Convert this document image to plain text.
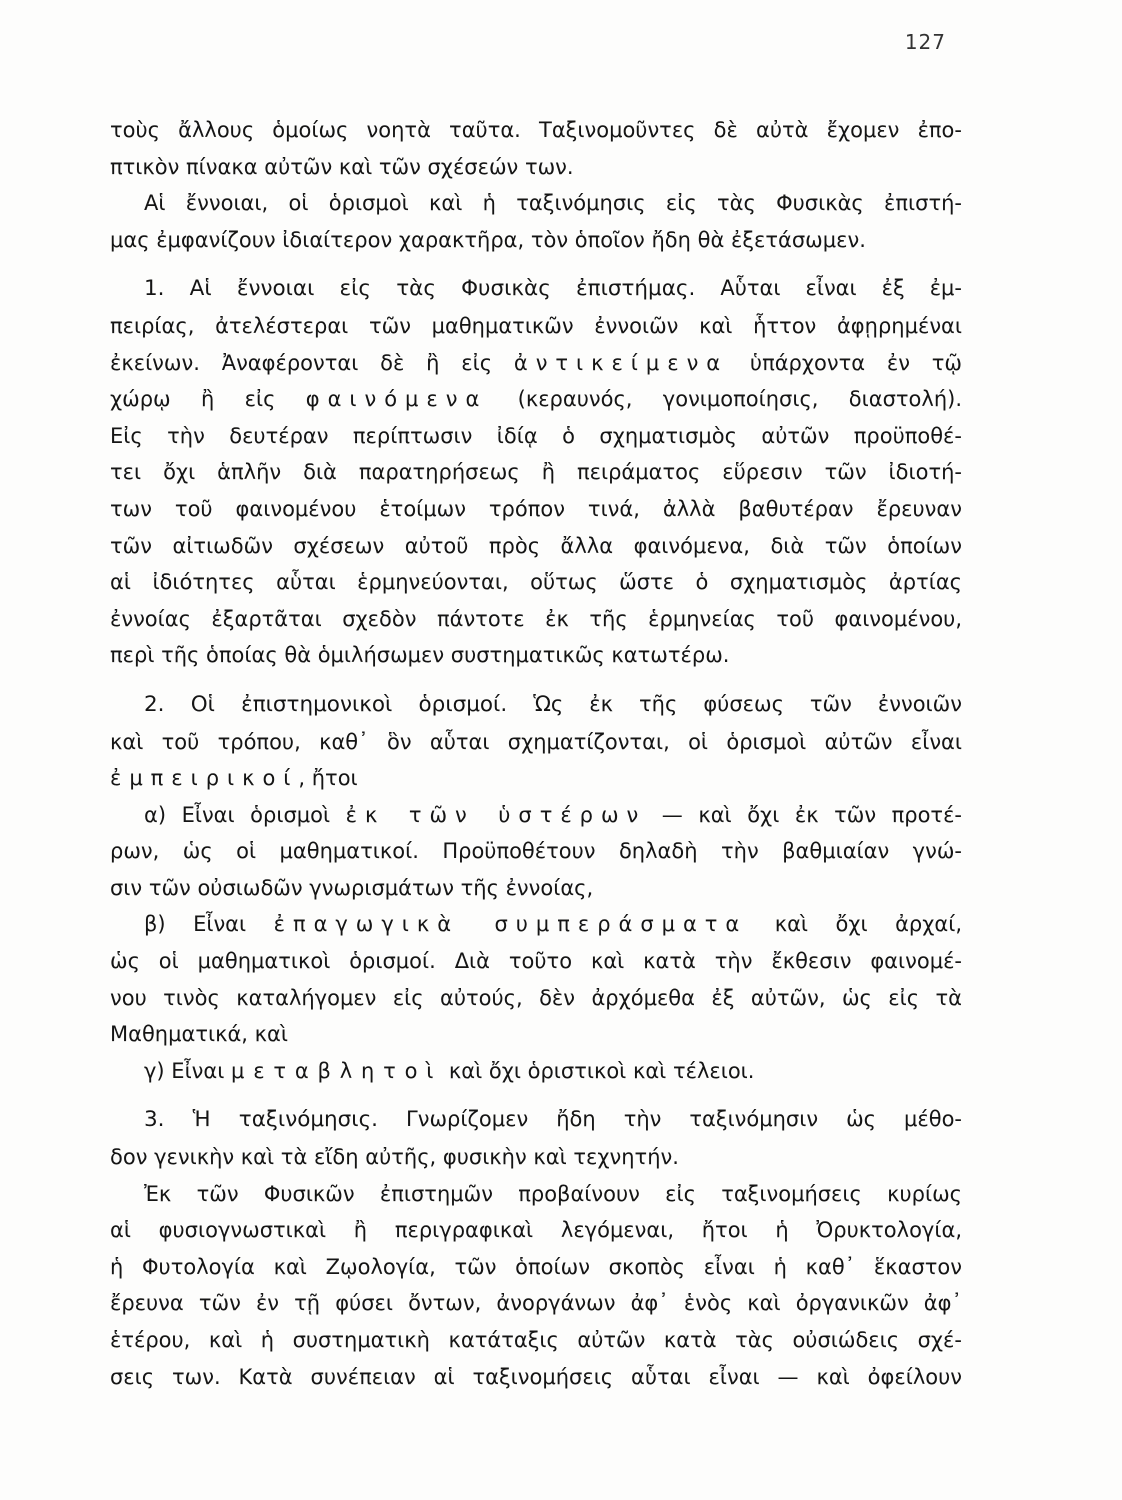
127
τοὺς ἄλλους ὁμοίως νοητὰ ταῦτα. Ταξινομοῦντες δὲ αὐτὰ ἔχομεν ἐπο-
πτικὸν πίνακα αὐτῶν καὶ τῶν σχέσεών των.
Αἱ ἔννοιαι, οἱ ὁρισμοὶ καὶ ἡ ταξινόμησις εἰς τὰς Φυσικὰς ἐπιστή-
μας ἐμφανίζουν ἰδιαίτερον χαρακτῆρα, τὸν ὁποῖον ἤδη θὰ ἐξετάσωμεν.
1. Αἱ ἔννοιαι εἰς τὰς Φυσικὰς ἐπιστήμας. Αὗται εἶναι ἐξ ἐμ-
πειρίας, ἀτελέστεραι τῶν μαθηματικῶν ἐννοιῶν καὶ ἧττον ἀφῃρημέναι
ἐκείνων. Ἀναφέρονται δὲ ἢ εἰς ἀντικείμενα ὑπάρχοντα ἐν τῷ
χώρῳ ἢ εἰς φαινόμενα (κεραυνός, γονιμοποίησις, διαστολή).
Εἰς τὴν δευτέραν περίπτωσιν ἰδίᾳ ὁ σχηματισμὸς αὐτῶν προϋποθέ-
τει ὄχι ἁπλῆν διὰ παρατηρήσεως ἢ πειράματος εὕρεσιν τῶν ἰδιοτή-
των τοῦ φαινομένου ἑτοίμων τρόπον τινά, ἀλλὰ βαθυτέραν ἔρευναν
τῶν αἰτιωδῶν σχέσεων αὐτοῦ πρὸς ἄλλα φαινόμενα, διὰ τῶν ὁποίων
αἱ ἰδιότητες αὗται ἑρμηνεύονται, οὕτως ὥστε ὁ σχηματισμὸς ἀρτίας
ἐννοίας ἐξαρτᾶται σχεδὸν πάντοτε ἐκ τῆς ἑρμηνείας τοῦ φαινομένου,
περὶ τῆς ὁποίας θὰ ὁμιλήσωμεν συστηματικῶς κατωτέρω.
2. Οἱ ἐπιστημονικοὶ ὁρισμοί. Ὡς ἐκ τῆς φύσεως τῶν ἐννοιῶν
καὶ τοῦ τρόπου, καθ᾽ ὃν αὗται σχηματίζονται, οἱ ὁρισμοὶ αὐτῶν εἶναι
ἐμπειρικοί, ἤτοι
α) Εἶναι ὁρισμοὶ ἐκ τῶν ὑστέρων — καὶ ὄχι ἐκ τῶν προτέ-
ρων, ὡς οἱ μαθηματικοί. Προϋποθέτουν δηλαδὴ τὴν βαθμιαίαν γνώ-
σιν τῶν οὐσιωδῶν γνωρισμάτων τῆς ἐννοίας,
β) Εἶναι ἐπαγωγικὰ συμπεράσματα καὶ ὄχι ἀρχαί,
ὡς οἱ μαθηματικοὶ ὁρισμοί. Διὰ τοῦτο καὶ κατὰ τὴν ἔκθεσιν φαινομέ-
νου τινὸς καταλήγομεν εἰς αὐτούς, δὲν ἀρχόμεθα ἐξ αὐτῶν, ὡς εἰς τὰ
Μαθηματικά, καὶ
γ) Εἶναι μεταβλητοὶ καὶ ὄχι ὁριστικοὶ καὶ τέλειοι.
3. Ἡ ταξινόμησις. Γνωρίζομεν ἤδη τὴν ταξινόμησιν ὡς μέθο-
δον γενικὴν καὶ τὰ εἴδη αὐτῆς, φυσικὴν καὶ τεχνητήν.
Ἐκ τῶν Φυσικῶν ἐπιστημῶν προβαίνουν εἰς ταξινομήσεις κυρίως
αἱ φυσιογνωστικαὶ ἢ περιγραφικαὶ λεγόμεναι, ἤτοι ἡ Ὀρυκτολογία,
ἡ Φυτολογία καὶ Ζῳολογία, τῶν ὁποίων σκοπὸς εἶναι ἡ καθ᾽ ἕκαστον
ἔρευνα τῶν ἐν τῇ φύσει ὄντων, ἀνοργάνων ἀφ᾽ ἑνὸς καὶ ὀργανικῶν ἀφ᾽
ἑτέρου, καὶ ἡ συστηματικὴ κατάταξις αὐτῶν κατὰ τὰς οὐσιώδεις σχέ-
σεις των. Κατὰ συνέπειαν αἱ ταξινομήσεις αὗται εἶναι — καὶ ὀφείλουν
